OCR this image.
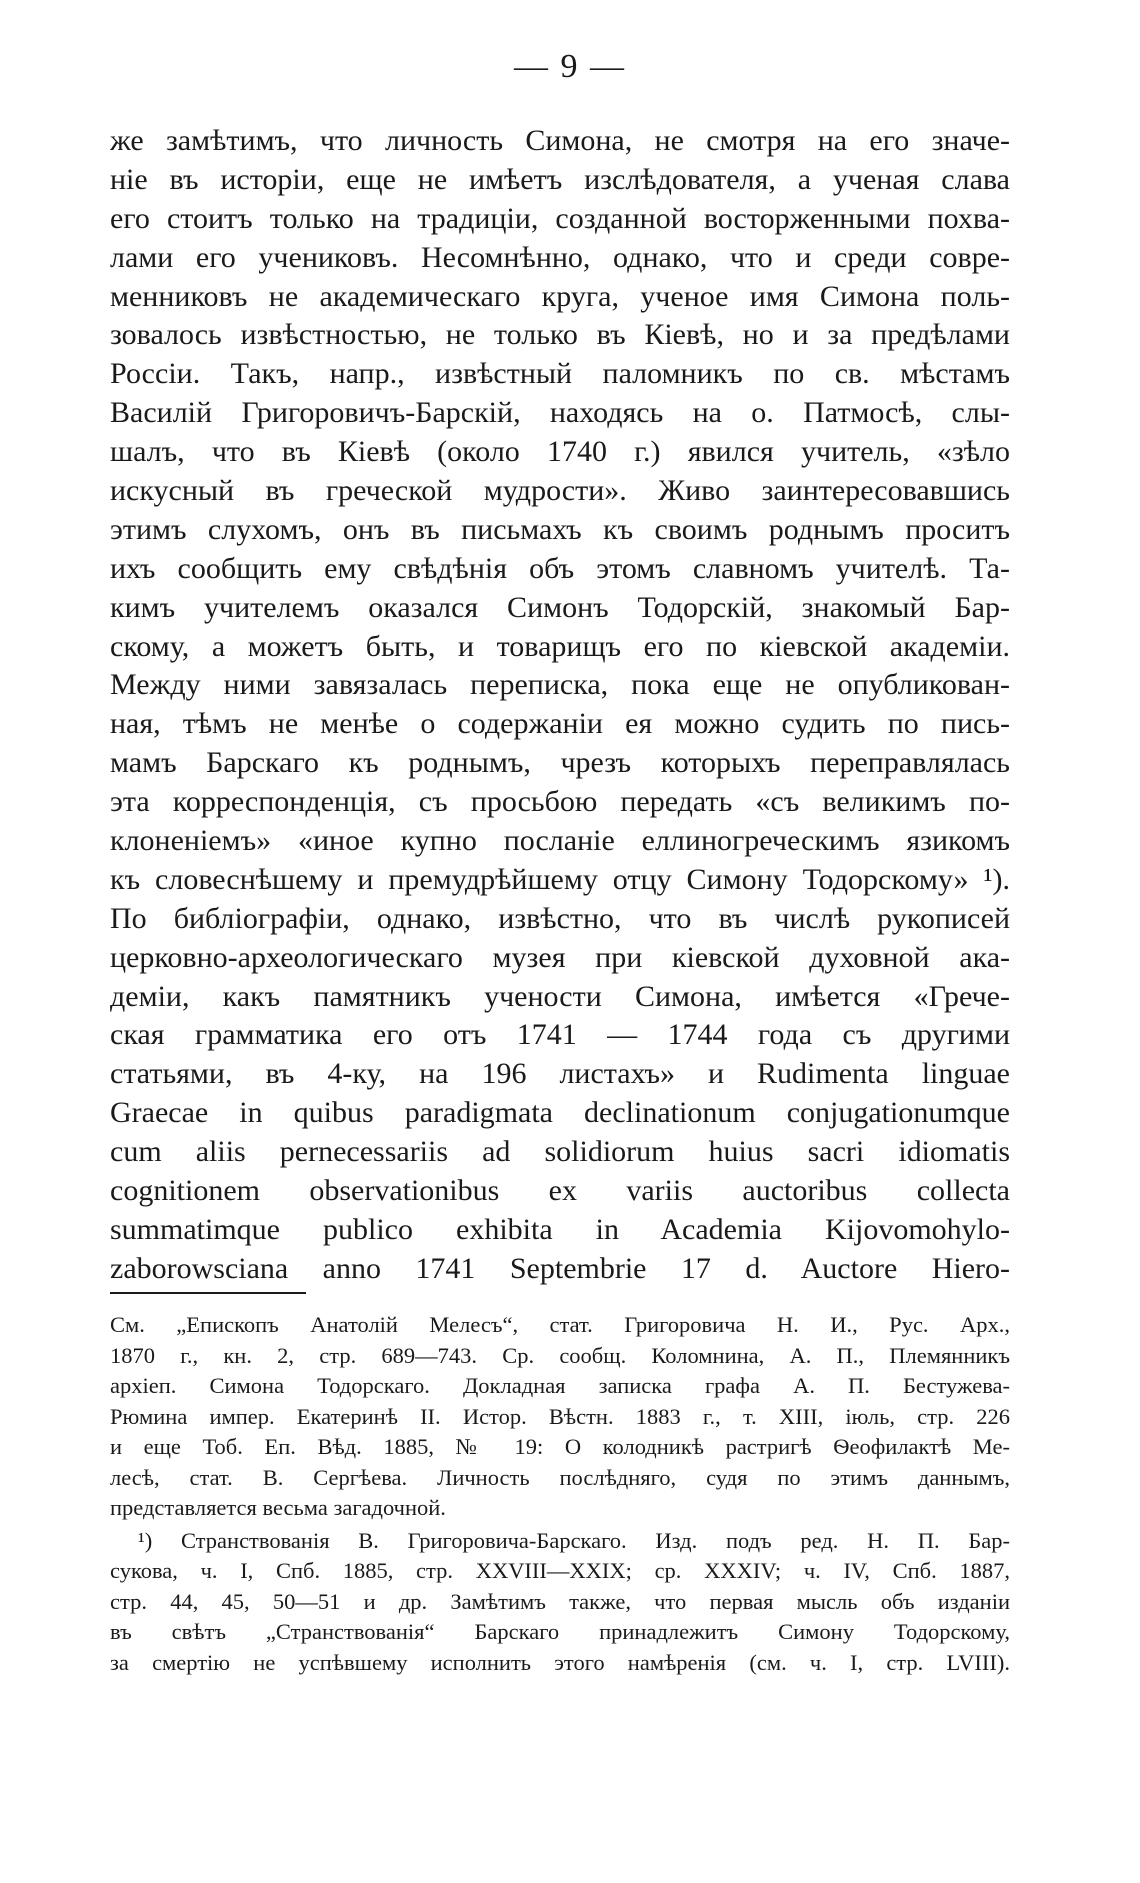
— 9 —
же замѣтимъ, что личность Симона, не смотря на его значе-
ніе въ исторіи, еще не имѣетъ изслѣдователя, а ученая слава
его стоитъ только на традиціи, созданной восторженными похва-
лами его учениковъ. Несомнѣнно, однако, что и среди совре-
менниковъ не академическаго круга, ученое имя Симона поль-
зовалось извѣстностью, не только въ Кіевѣ, но и за предѣлами
Россіи. Такъ, напр., извѣстный паломникъ по св. мѣстамъ
Василій Григоровичъ-Барскій, находясь на о. Патмосѣ, слы-
шалъ, что въ Кіевѣ (около 1740 г.) явился учитель, «зѣло
искусный въ греческой мудрости». Живо заинтересовавшись
этимъ слухомъ, онъ въ письмахъ къ своимъ роднымъ проситъ
ихъ сообщить ему свѣдѣнія объ этомъ славномъ учителѣ. Та-
кимъ учителемъ оказался Симонъ Тодорскій, знакомый Бар-
скому, а можетъ быть, и товарищъ его по кіевской академіи.
Между ними завязалась переписка, пока еще не опубликован-
ная, тѣмъ не менѣе о содержаніи ея можно судить по пись-
мамъ Барскаго къ роднымъ, чрезъ которыхъ переправлялась
эта корреспонденція, съ просьбою передать «съ великимъ по-
клоненіемъ» «иное купно посланіе еллиногреческимъ язикомъ
къ словеснѣшему и премудрѣйшему отцу Симону Тодорскому» ¹).
По библіографіи, однако, извѣстно, что въ числѣ рукописей
церковно-археологическаго музея при кіевской духовной ака-
деміи, какъ памятникъ учености Симона, имѣется «Грече-
ская грамматика его отъ 1741 — 1744 года съ другими
статьями, въ 4-ку, на 196 листахъ» и Rudimenta linguae
Graecae in quibus paradigmata declinationum conjugationumque
cum aliis pernecessariis ad solidiorum huius sacri idiomatis
cognitionem observationibus ex variis auctoribus collecta
summatimque publico exhibita in Academia Kijovomohylo-
zaborowsciana anno 1741 Septembrie 17 d. Auctore Hiero-
См. „Епископъ Анатолій Мелесъ“, стат. Григоровича Н. И., Рус. Арх.,
1870 г., кн. 2, стр. 689—743. Ср. сообщ. Коломнина, А. П., Племянникъ
архіеп. Симона Тодорскаго. Докладная записка графа А. П. Бестужева-
Рюмина импер. Екатеринѣ II. Истор. Вѣстн. 1883 г., т. XIII, іюль, стр. 226
и еще Тоб. Еп. Вѣд. 1885, № 19: О колодникѣ растригѣ Ѳеофилактѣ Ме-
лесѣ, стат. В. Сергѣева. Личность послѣдняго, судя по этимъ даннымъ,
представляется весьма загадочной.
¹) Странствованія В. Григоровича-Барскаго. Изд. подъ ред. Н. П. Бар-
сукова, ч. I, Спб. 1885, стр. XXVIII—XXIX; ср. XXXIV; ч. IV, Спб. 1887,
стр. 44, 45, 50—51 и др. Замѣтимъ также, что первая мысль объ изданіи
въ свѣтъ „Странствованія“ Барскаго принадлежитъ Симону Тодорскому,
за смертію не успѣвшему исполнить этого намѣренія (см. ч. I, стр. LVIII).
